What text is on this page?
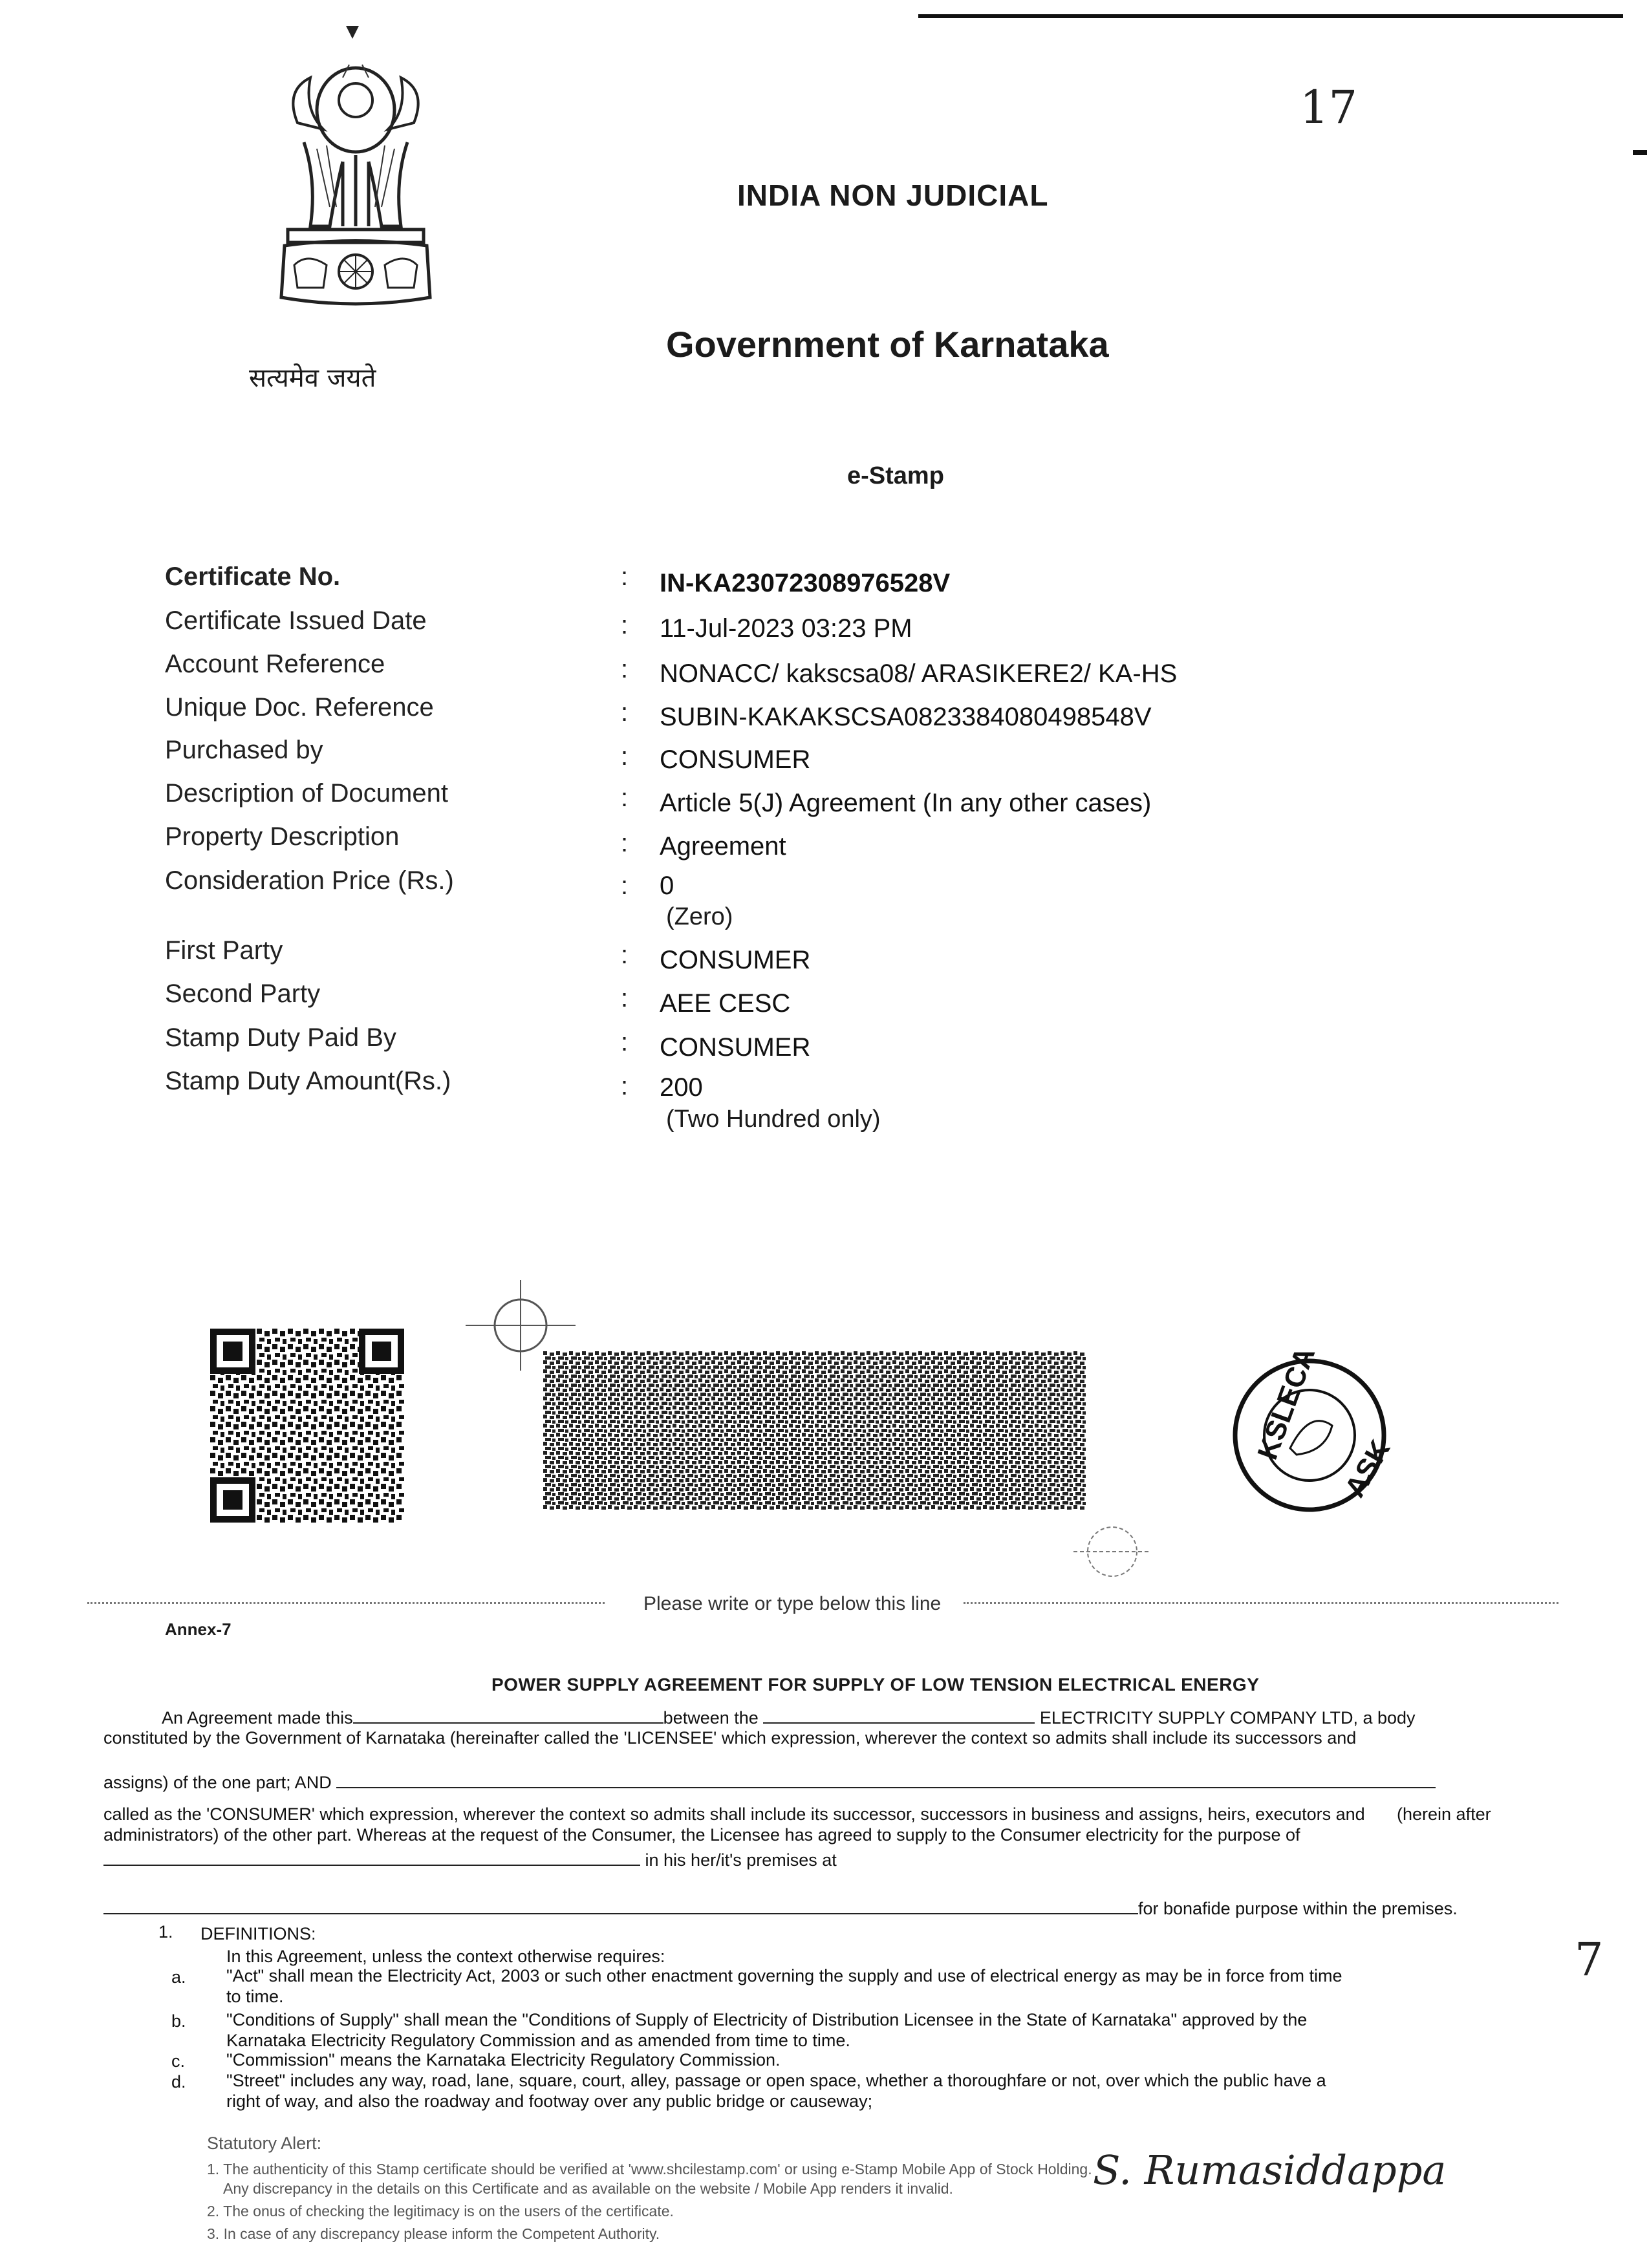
सत्यमेव जयते
INDIA NON JUDICIAL
Government of Karnataka
e-Stamp
17
7
Certificate No.	: IN-KA23072308976528V
Certificate Issued Date	: 11-Jul-2023 03:23 PM
Account Reference	: NONACC/ kakscsa08/ ARASIKERE2/ KA-HS
Unique Doc. Reference	: SUBIN-KAKAKSCSA0823384080498548V
Purchased by	: CONSUMER
Description of Document	: Article 5(J) Agreement (In any other cases)
Property Description	: Agreement
Consideration Price (Rs.)	: 0
(Zero)
First Party	: CONSUMER
Second Party	: AEE CESC
Stamp Duty Paid By	: CONSUMER
Stamp Duty Amount(Rs.)	: 200
(Two Hundred only)
KSLECA
ASK
Please write or type below this line
Annex-7
POWER SUPPLY AGREEMENT FOR SUPPLY OF LOW TENSION ELECTRICAL ENERGY
An Agreement made this	between the	ELECTRICITY SUPPLY COMPANY LTD, a body
constituted by the Government of Karnataka (hereinafter called the 'LICENSEE' which expression, wherever the context so admits shall include its successors and
assigns) of the one part; AND
called as the 'CONSUMER' which expression, wherever the context so admits shall include its successor, successors in business and assigns, heirs, executors and	(herein after
administrators) of the other part. Whereas at the request of the Consumer, the Licensee has agreed to supply to the Consumer electricity for the purpose of
in his her/it's premises at
for bonafide purpose within the premises.
1. DEFINITIONS:
In this Agreement, unless the context otherwise requires:
a. "Act" shall mean the Electricity Act, 2003 or such other enactment governing the supply and use of electrical energy as may be in force from time
to time.
b. "Conditions of Supply" shall mean the "Conditions of Supply of Electricity of Distribution Licensee in the State of Karnataka" approved by the
Karnataka Electricity Regulatory Commission and as amended from time to time.
c. "Commission" means the Karnataka Electricity Regulatory Commission.
d. "Street" includes any way, road, lane, square, court, alley, passage or open space, whether a thoroughfare or not, over which the public have a
right of way, and also the roadway and footway over any public bridge or causeway;
Statutory Alert:
1. The authenticity of this Stamp certificate should be verified at 'www.shcilestamp.com' or using e-Stamp Mobile App of Stock Holding.
Any discrepancy in the details on this Certificate and as available on the website / Mobile App renders it invalid.
2. The onus of checking the legitimacy is on the users of the certificate.
3. In case of any discrepancy please inform the Competent Authority.
S. Rumasiddappa
